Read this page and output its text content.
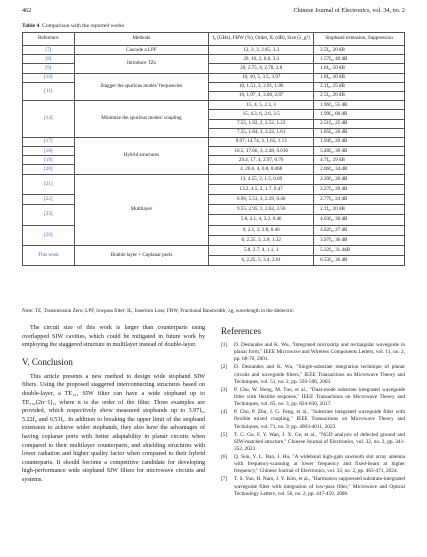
462	Chinese Journal of Electronics, vol. 34, no. 2
Table 4 Comparison with the reported works
Reference	Methods	f₀ (GHz), FBW (%), Order, IL (dB), Size (λ_g²)	Stopband extension, Suppression
[7]	Cascade a LPF	12, 3, 3, 2.85, 3.3	2.5f₀, 20 dB
[8]	Introduce TZs	20, 10, 2, 0.8, 3.3	1.57f₀, 40 dB
[9]		20, 2.75, 4, 2.78, 2.8	1.6f₀, 50 dB
[10]	Stagger the spurious modes' frequencies	10, 10, 5, 3.5, 3.97	1.8f₀, 30 dB
[11]		10, 1.51, 3, 2.91, 1.86	2.1f₀, 25 dB
		10, 1.97, 4, 3.06, 2.87	2.5f₀, 20 dB
[14]	Minimize the spurious modes' coupling	15, 4, 5, 2.3, 3	1.96f₀, 55 dB
		15, 4.3, 6, 2.6, 3.5	1.99f₀, 60 dB
		7.55, 1.92, 2, 2.52, 1.23	2.51f₀, 25 dB
		7.55, 1.84, 3, 3.22, 1.61	1.85f₀, 20 dB
[17]	Hybrid structures	9.97, 14.74, 3, 1.65, 1.13	1.94f₀, 20 dB
[18]		10.5, 17.66, 3, 2.48, 0.016	5.48f₀, 30 dB
[19]		29.4, 17, 4, 2.97, 0.76	4.7f₀, 29 dB
[20]		4, 26.6, 4, 0.8, 0.068	2.06f₀, 34 dB
[21]	Multilayer	13, 4.55, 2, 1.5, 0.69	2.39f₀, 20 dB
		13.2, 4.5, 2, 1.7, 0.47	2.27f₀, 20 dB
[22]		6.96, 5.53, 3, 2.29, 0.46	2.77f₀, 24 dB
[23]		9.55, 2.95, 2, 2.62, 3.56	2.1f₀, 20 dB
		5.8, 2.1, 4, 3.2, 0.46	4.03f₀, 30 dB
[26]		9, 2.1, 3, 2.8, 0.46	4.02f₀, 27 dB
		6, 2.25, 3, 2.8, 1.32	3.97f₀, 36 dB
This work	Double layer + Coplanar ports	5.8, 2.7, 4, 1.1, 1	5.22f₀, 31.4dB
		6, 2.25, 5, 3.4, 2.01	6.53f₀, 36 dB
Note: TZ, Transmission Zero; LPF, lowpass filter; IL, Insertion Loss; FBW, Fractional Bandwidth; λg, wavelength in the dielectric.

The circuit size of this work is larger than counterparts using overlapped SIW cavities, which could be mitigated in future work by employing the staggered structure in multilayer instead of double-layer.

V. Conclusion

This article presents a new method to design wide stopband SIW filters. Using the proposed staggered interconnecting structures based on double-layer, a TE₁₀₁ SIW filter can have a wide stopband up to TE₁₀₂(2n−1)₁, where n is the order of the filter. Three examples are provided, which respectively show measured stopbands up to 3.97f₀, 5.22f₀ and 6.53f₀. In addition to breaking the upper limit of the stopband extension to achieve wider stopbands, they also have the advantages of having coplanar ports with better adaptability in planar circuits when compared to their multilayer counterparts, and shielding structures with lower radiation and higher quality factor when compared to their hybrid counterparts. It should become a competitive candidate for developing high-performance wide stopband SIW filters for microwave circuits and systems.

References
[1] D. Deslandes and K. Wu, "Integrated microstrip and rectangular waveguide in planar form," IEEE Microwave and Wireless Components Letters, vol. 11, no. 2, pp. 68-70, 2001.
[2] D. Deslandes and K. Wu, "Single-substrate integration technique of planar circuits and waveguide filters," IEEE Transactions on Microwave Theory and Techniques, vol. 51, no. 2, pp. 593-596, 2003.
[3] P. Chu, W. Hong, M. Tuo, et al., "Dual-mode substrate integrated waveguide filter with flexible response," IEEE Transactions on Microwave Theory and Techniques, vol. 65, no. 3, pp. 824-830, 2017.
[4] P. Chu, P. Zhu, J. G. Feng, et al., "Substrate integrated waveguide filter with flexible mixed coupling," IEEE Transactions on Microwave Theory and Techniques, vol. 71, no. 9, pp. 4003-4011, 2023.
[5] T. C. Gu, F. Y. Wan, J. X. Ge, et al., "NGD analysis of defected ground and SIW-matched structure," Chinese Journal of Electronics, vol. 32, no. 2, pp. 341-352, 2023.
[6] Q. Sun, Y. L. Ban, J. Hu, "A wideband high-gain sawtooth slot array antenna with frequency-scanning at lower frequency and fixed-beam at higher frequency," Chinese Journal of Electronics, vol. 33, no. 2, pp. 463-471, 2024.
[7] T. S. Yun, H. Nam, J. Y. Kim, et al., "Harmonics suppressed substrate-integrated waveguide filter with integration of low-pass filter," Microwave and Optical Technology Letters, vol. 50, no. 2, pp. 447-450, 2008.
